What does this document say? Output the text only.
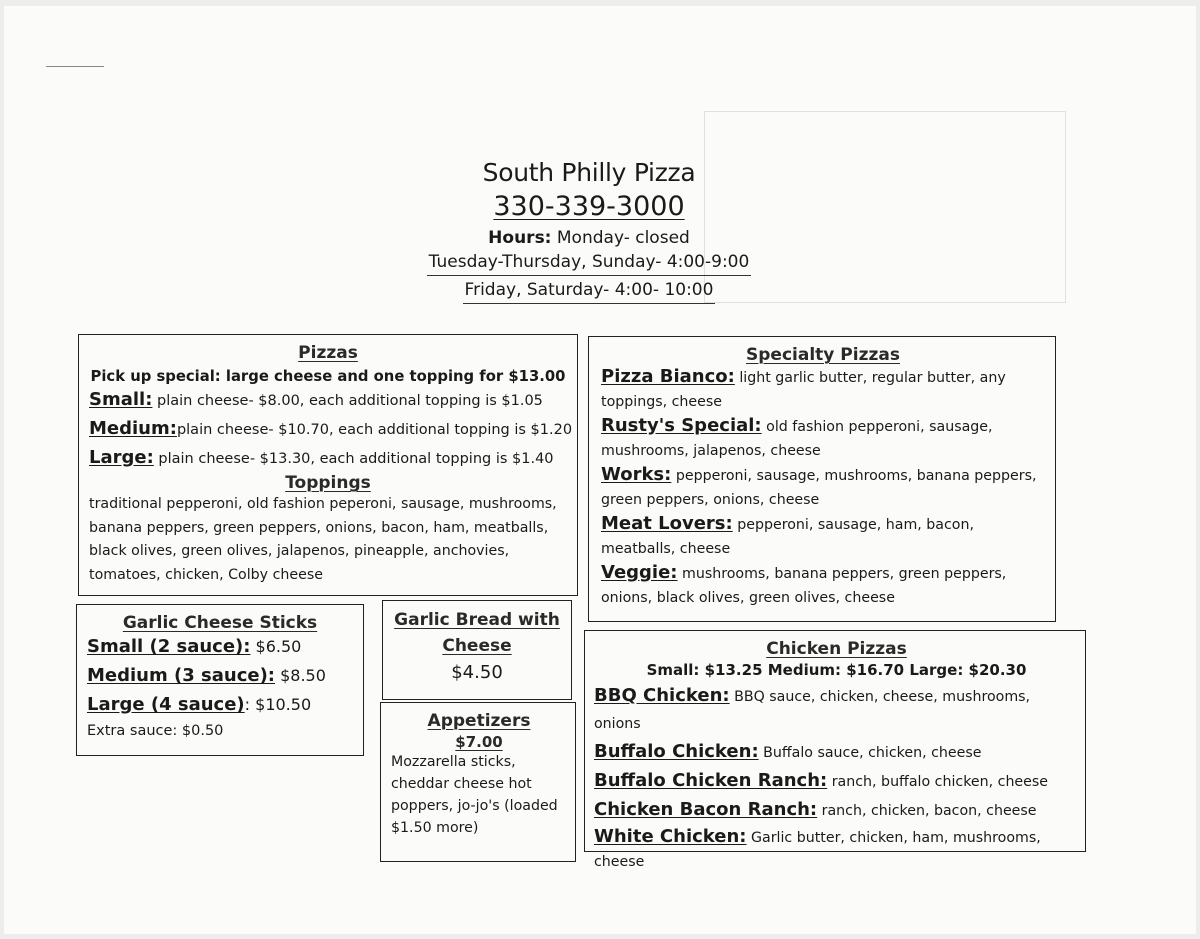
South Philly Pizza
330-339-3000
Hours: Monday- closed
Tuesday-Thursday, Sunday- 4:00-9:00
Friday, Saturday- 4:00- 10:00
Pizzas
Pick up special: large cheese and one topping for $13.00
Small: plain cheese- $8.00, each additional topping is $1.05
Medium:plain cheese- $10.70, each additional topping is $1.20
Large: plain cheese- $13.30, each additional topping is $1.40
Toppings
traditional pepperoni, old fashion peperoni, sausage, mushrooms, banana peppers, green peppers, onions, bacon, ham, meatballs, black olives, green olives, jalapenos, pineapple, anchovies, tomatoes, chicken, Colby cheese
Specialty Pizzas
Pizza Bianco: light garlic butter, regular butter, any toppings, cheese
Rusty's Special: old fashion pepperoni, sausage, mushrooms, jalapenos, cheese
Works: pepperoni, sausage, mushrooms, banana peppers, green peppers, onions, cheese
Meat Lovers: pepperoni, sausage, ham, bacon, meatballs, cheese
Veggie: mushrooms, banana peppers, green peppers, onions, black olives, green olives, cheese
Garlic Cheese Sticks
Small (2 sauce): $6.50
Medium (3 sauce): $8.50
Large (4 sauce): $10.50
Extra sauce: $0.50
Garlic Bread with
Cheese
$4.50
Appetizers
$7.00
Mozzarella sticks, cheddar cheese hot poppers, jo-jo's (loaded $1.50 more)
Chicken Pizzas
Small: $13.25 Medium: $16.70 Large: $20.30
BBQ Chicken: BBQ sauce, chicken, cheese, mushrooms, onions
Buffalo Chicken: Buffalo sauce, chicken, cheese
Buffalo Chicken Ranch: ranch, buffalo chicken, cheese
Chicken Bacon Ranch: ranch, chicken, bacon, cheese
White Chicken: Garlic butter, chicken, ham, mushrooms, cheese
